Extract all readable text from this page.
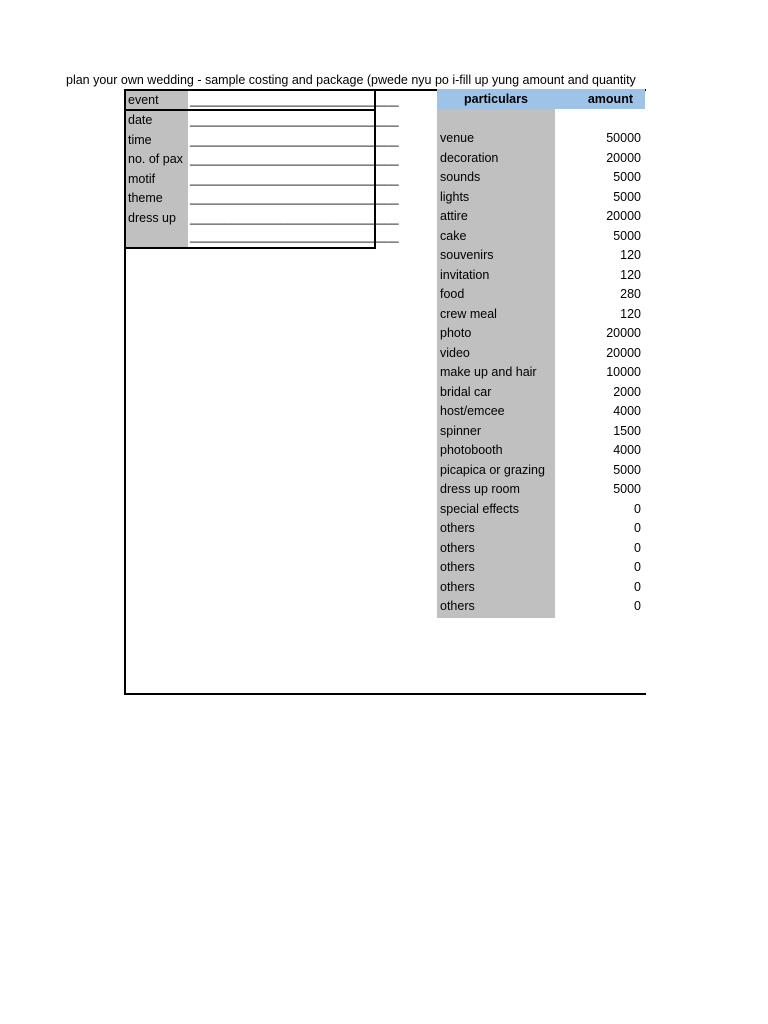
plan your own wedding - sample costing and package (pwede nyu po i-fill up yung amount and quantity
event	______________________________
date	______________________________
time	______________________________
no. of pax ______________________________
motif	______________________________
theme ______________________________
dress up ______________________________
______________________________
particulars	amount
venue	50000
decoration	20000
sounds	5000
lights	5000
attire	20000
cake	5000
souvenirs	120
invitation	120
food	280
crew meal	120
photo	20000
video	20000
make up and hair	10000
bridal car	2000
host/emcee	4000
spinner	1500
photobooth	4000
picapica or grazing	5000
dress up room	5000
special effects	0
others	0
others	0
others	0
others	0
others	0
